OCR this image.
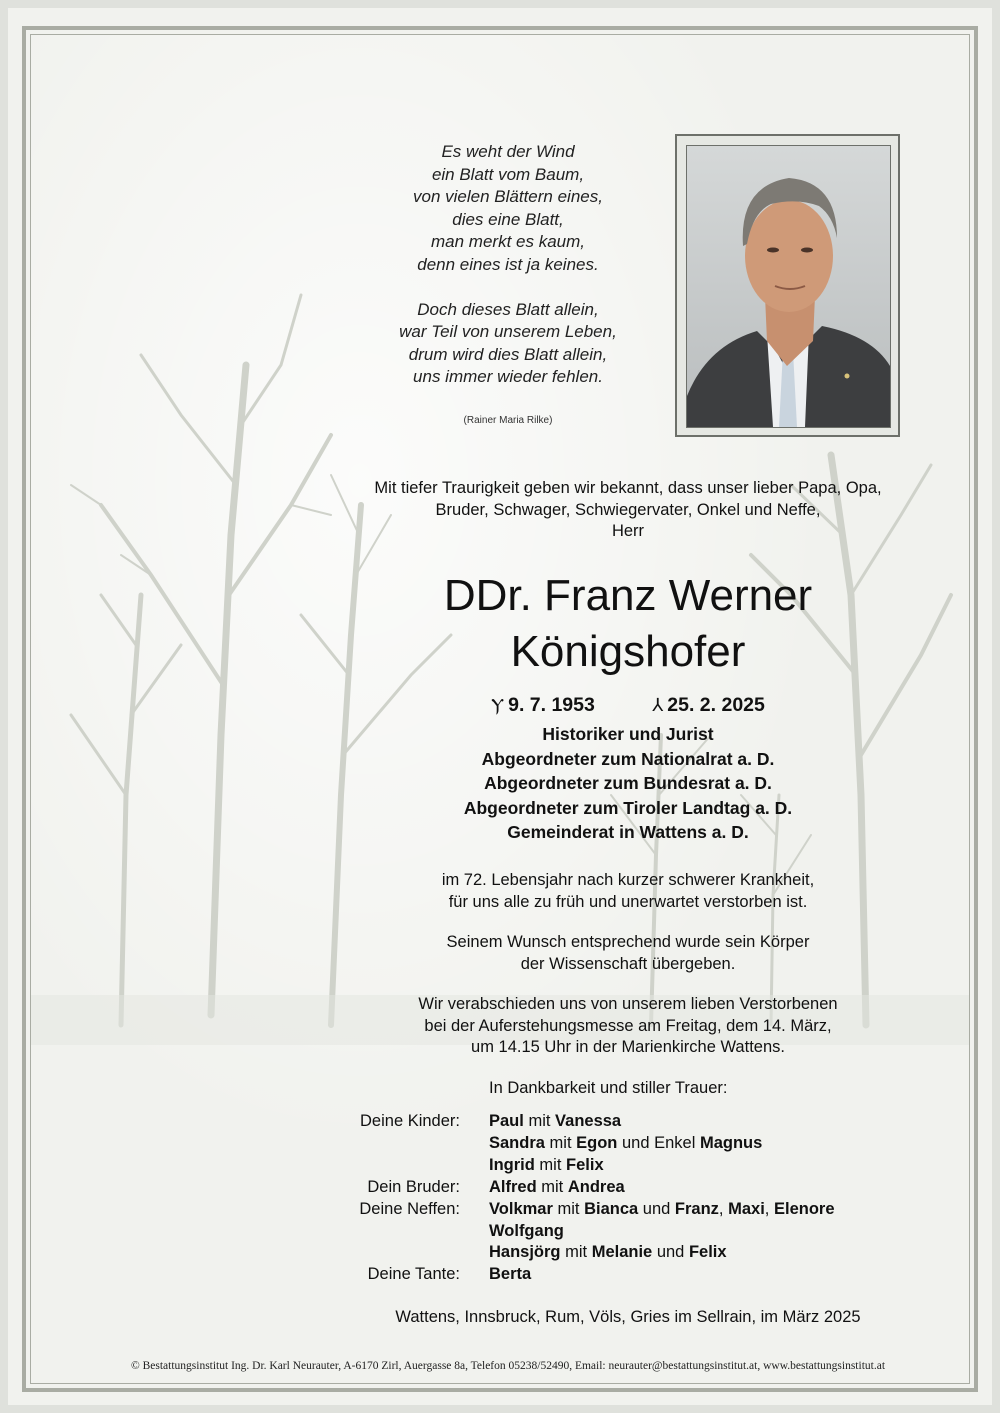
Es weht der Wind
ein Blatt vom Baum,
von vielen Blättern eines,
dies eine Blatt,
man merkt es kaum,
denn eines ist ja keines.
Doch dieses Blatt allein,
war Teil von unserem Leben,
drum wird dies Blatt allein,
uns immer wieder fehlen.
(Rainer Maria Rilke)
Mit tiefer Traurigkeit geben wir bekannt, dass unser lieber Papa, Opa,
Bruder, Schwager, Schwiegervater, Onkel und Neffe,
Herr
DDr. Franz Werner
Königshofer
Ⲩ 9. 7. 1953	⅄ 25. 2. 2025
Historiker und Jurist
Abgeordneter zum Nationalrat a. D.
Abgeordneter zum Bundesrat a. D.
Abgeordneter zum Tiroler Landtag a. D.
Gemeinderat in Wattens a. D.
im 72. Lebensjahr nach kurzer schwerer Krankheit,
für uns alle zu früh und unerwartet verstorben ist.
Seinem Wunsch entsprechend wurde sein Körper
der Wissenschaft übergeben.
Wir verabschieden uns von unserem lieben Verstorbenen
bei der Auferstehungsmesse am Freitag, dem 14. März,
um 14.15 Uhr in der Marienkirche Wattens.
In Dankbarkeit und stiller Trauer:
Deine Kinder: Paul mit Vanessa
Sandra mit Egon und Enkel Magnus
Ingrid mit Felix
Dein Bruder: Alfred mit Andrea
Deine Neffen: Volkmar mit Bianca und Franz, Maxi, Elenore
Wolfgang
Hansjörg mit Melanie und Felix
Deine Tante: Berta
Wattens, Innsbruck, Rum, Völs, Gries im Sellrain, im März 2025
© Bestattungsinstitut Ing. Dr. Karl Neurauter, A-6170 Zirl, Auergasse 8a, Telefon 05238/52490, Email: neurauter@bestattungsinstitut.at, www.bestattungsinstitut.at
